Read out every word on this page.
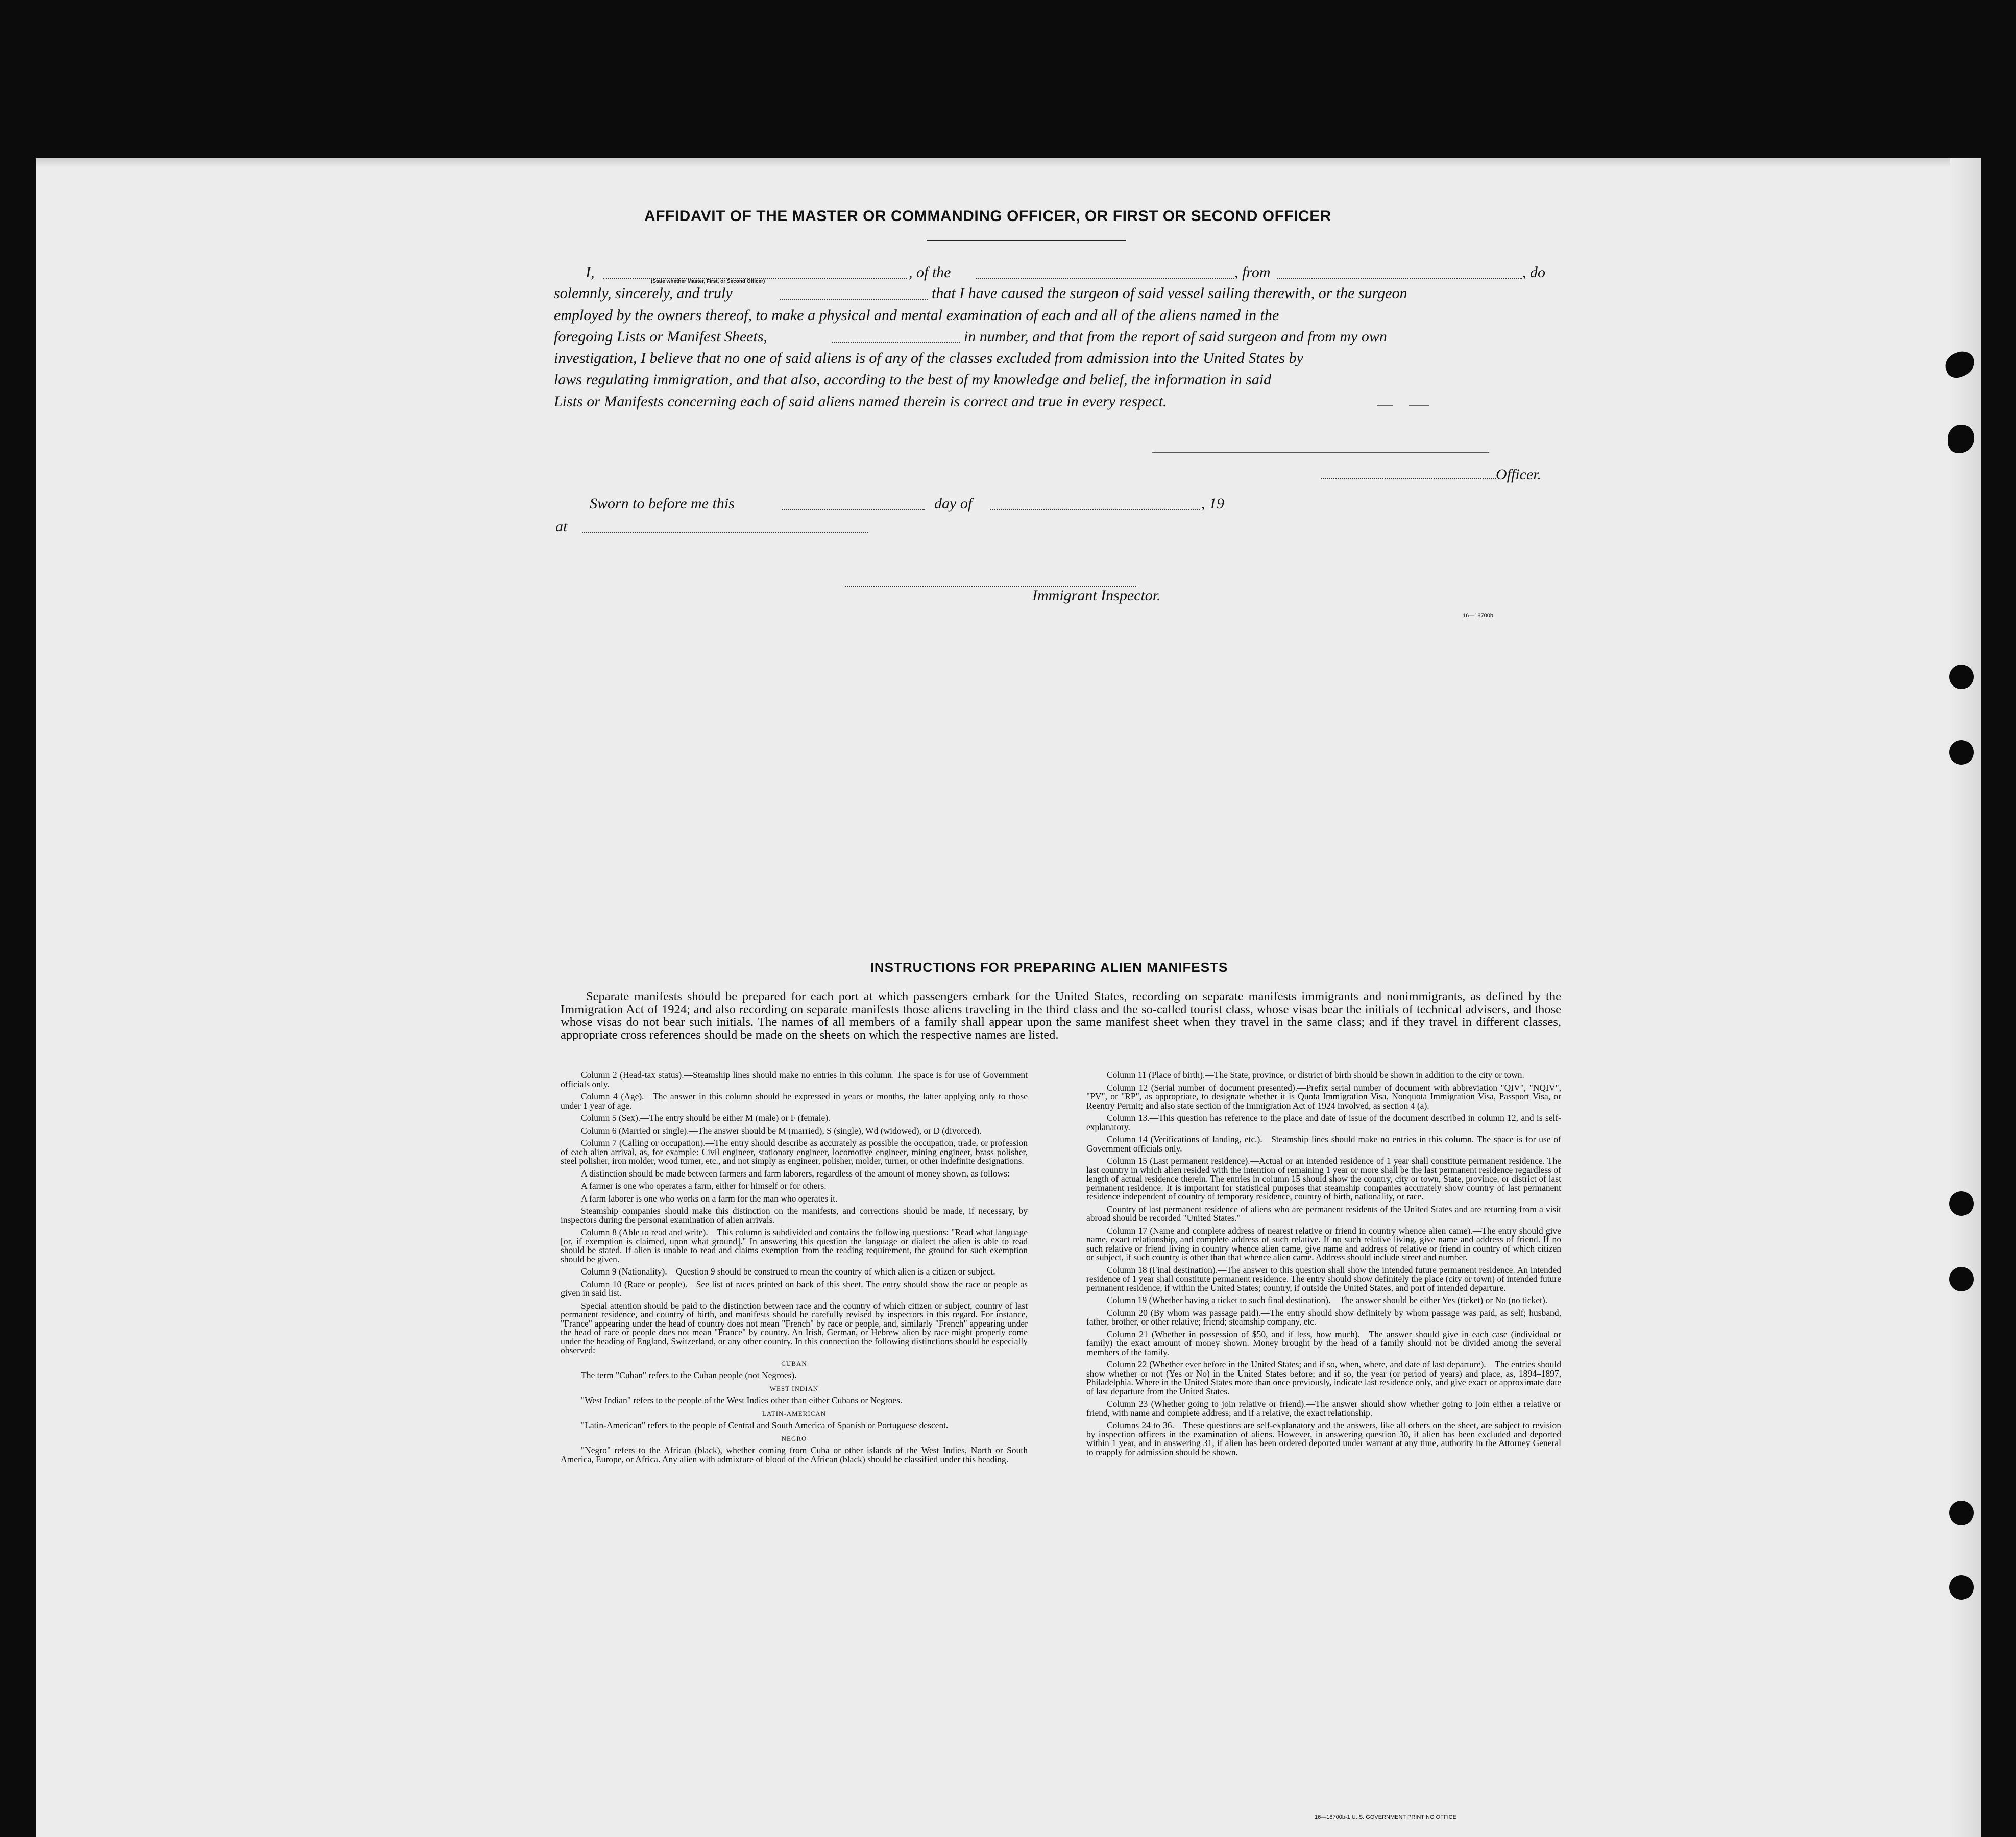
AFFIDAVIT OF THE MASTER OR COMMANDING OFFICER, OR FIRST OR SECOND OFFICER
I,
(State whether Master, First, or Second Officer)
, of the	, from	, do
solemnly, sincerely, and truly	that I have caused the surgeon of said vessel sailing therewith, or the surgeon
employed by the owners thereof, to make a physical and mental examination of each and all of the aliens named in the
foregoing Lists or Manifest Sheets,	in number, and that from the report of said surgeon and from my own
investigation, I believe that no one of said aliens is of any of the classes excluded from admission into the United States by
laws regulating immigration, and that also, according to the best of my knowledge and belief, the information in said
Lists or Manifests concerning each of said aliens named therein is correct and true in every respect.
Officer.
Sworn to before me this	day of	, 19
at
Immigrant Inspector.
16—18700b
INSTRUCTIONS FOR PREPARING ALIEN MANIFESTS
Separate manifests should be prepared for each port at which passengers embark for the United States, recording on separate manifests immigrants and nonimmigrants, as defined by the Immigration Act of 1924; and also recording on separate manifests those aliens traveling in the third class and the so-called tourist class, whose visas bear the initials of technical advisers, and those whose visas do not bear such initials. The names of all members of a family shall appear upon the same manifest sheet when they travel in the same class; and if they travel in different classes, appropriate cross references should be made on the sheets on which the respective names are listed.

Column 2 (Head-tax status).—Steamship lines should make no entries in this column. The space is for use of Government officials only.

Column 4 (Age).—The answer in this column should be expressed in years or months, the latter applying only to those under 1 year of age.

Column 5 (Sex).—The entry should be either M (male) or F (female).

Column 6 (Married or single).—The answer should be M (married), S (single), Wd (widowed), or D (divorced).

Column 7 (Calling or occupation).—The entry should describe as accurately as possible the occupation, trade, or profession of each alien arrival, as, for example: Civil engineer, stationary engineer, locomotive engineer, mining engineer, brass polisher, steel polisher, iron molder, wood turner, etc., and not simply as engineer, polisher, molder, turner, or other indefinite designations.

A distinction should be made between farmers and farm laborers, regardless of the amount of money shown, as follows:

A farmer is one who operates a farm, either for himself or for others.

A farm laborer is one who works on a farm for the man who operates it.

Steamship companies should make this distinction on the manifests, and corrections should be made, if necessary, by inspectors during the personal examination of alien arrivals.

Column 8 (Able to read and write).—This column is subdivided and contains the following questions: "Read what language [or, if exemption is claimed, upon what ground]." In answering this question the language or dialect the alien is able to read should be stated. If alien is unable to read and claims exemption from the reading requirement, the ground for such exemption should be given.

Column 9 (Nationality).—Question 9 should be construed to mean the country of which alien is a citizen or subject.

Column 10 (Race or people).—See list of races printed on back of this sheet. The entry should show the race or people as given in said list.

Special attention should be paid to the distinction between race and the country of which citizen or subject, country of last permanent residence, and country of birth, and manifests should be carefully revised by inspectors in this regard. For instance, "France" appearing under the head of country does not mean "French" by race or people, and, similarly "French" appearing under the head of race or people does not mean "France" by country. An Irish, German, or Hebrew alien by race might properly come under the heading of England, Switzerland, or any other country. In this connection the following distinctions should be especially observed:

CUBAN

The term "Cuban" refers to the Cuban people (not Negroes).

WEST INDIAN

"West Indian" refers to the people of the West Indies other than either Cubans or Negroes.

LATIN-AMERICAN

"Latin-American" refers to the people of Central and South America of Spanish or Portuguese descent.

NEGRO

"Negro" refers to the African (black), whether coming from Cuba or other islands of the West Indies, North or South America, Europe, or Africa. Any alien with admixture of blood of the African (black) should be classified under this heading.

Column 11 (Place of birth).—The State, province, or district of birth should be shown in addition to the city or town.

Column 12 (Serial number of document presented).—Prefix serial number of document with abbreviation "QIV", "NQIV", "PV", or "RP", as appropriate, to designate whether it is Quota Immigration Visa, Nonquota Immigration Visa, Passport Visa, or Reentry Permit; and also state section of the Immigration Act of 1924 involved, as section 4 (a).

Column 13.—This question has reference to the place and date of issue of the document described in column 12, and is self-explanatory.

Column 14 (Verifications of landing, etc.).—Steamship lines should make no entries in this column. The space is for use of Government officials only.

Column 15 (Last permanent residence).—Actual or an intended residence of 1 year shall constitute permanent residence. The last country in which alien resided with the intention of remaining 1 year or more shall be the last permanent residence regardless of length of actual residence therein. The entries in column 15 should show the country, city or town, State, province, or district of last permanent residence. It is important for statistical purposes that steamship companies accurately show country of last permanent residence independent of country of temporary residence, country of birth, nationality, or race.

Country of last permanent residence of aliens who are permanent residents of the United States and are returning from a visit abroad should be recorded "United States."

Column 17 (Name and complete address of nearest relative or friend in country whence alien came).—The entry should give name, exact relationship, and complete address of such relative. If no such relative living, give name and address of friend. If no such relative or friend living in country whence alien came, give name and address of relative or friend in country of which citizen or subject, if such country is other than that whence alien came. Address should include street and number.

Column 18 (Final destination).—The answer to this question shall show the intended future permanent residence. An intended residence of 1 year shall constitute permanent residence. The entry should show definitely the place (city or town) of intended future permanent residence, if within the United States; country, if outside the United States, and port of intended departure.

Column 19 (Whether having a ticket to such final destination).—The answer should be either Yes (ticket) or No (no ticket).

Column 20 (By whom was passage paid).—The entry should show definitely by whom passage was paid, as self; husband, father, brother, or other relative; friend; steamship company, etc.

Column 21 (Whether in possession of $50, and if less, how much).—The answer should give in each case (individual or family) the exact amount of money shown. Money brought by the head of a family should not be divided among the several members of the family.

Column 22 (Whether ever before in the United States; and if so, when, where, and date of last departure).—The entries should show whether or not (Yes or No) in the United States before; and if so, the year (or period of years) and place, as, 1894–1897, Philadelphia. Where in the United States more than once previously, indicate last residence only, and give exact or approximate date of last departure from the United States.

Column 23 (Whether going to join relative or friend).—The answer should show whether going to join either a relative or friend, with name and complete address; and if a relative, the exact relationship.

Columns 24 to 36.—These questions are self-explanatory and the answers, like all others on the sheet, are subject to revision by inspection officers in the examination of aliens. However, in answering question 30, if alien has been excluded and deported within 1 year, and in answering 31, if alien has been ordered deported under warrant at any time, authority in the Attorney General to reapply for admission should be shown.

16—18700b-1 U. S. GOVERNMENT PRINTING OFFICE
